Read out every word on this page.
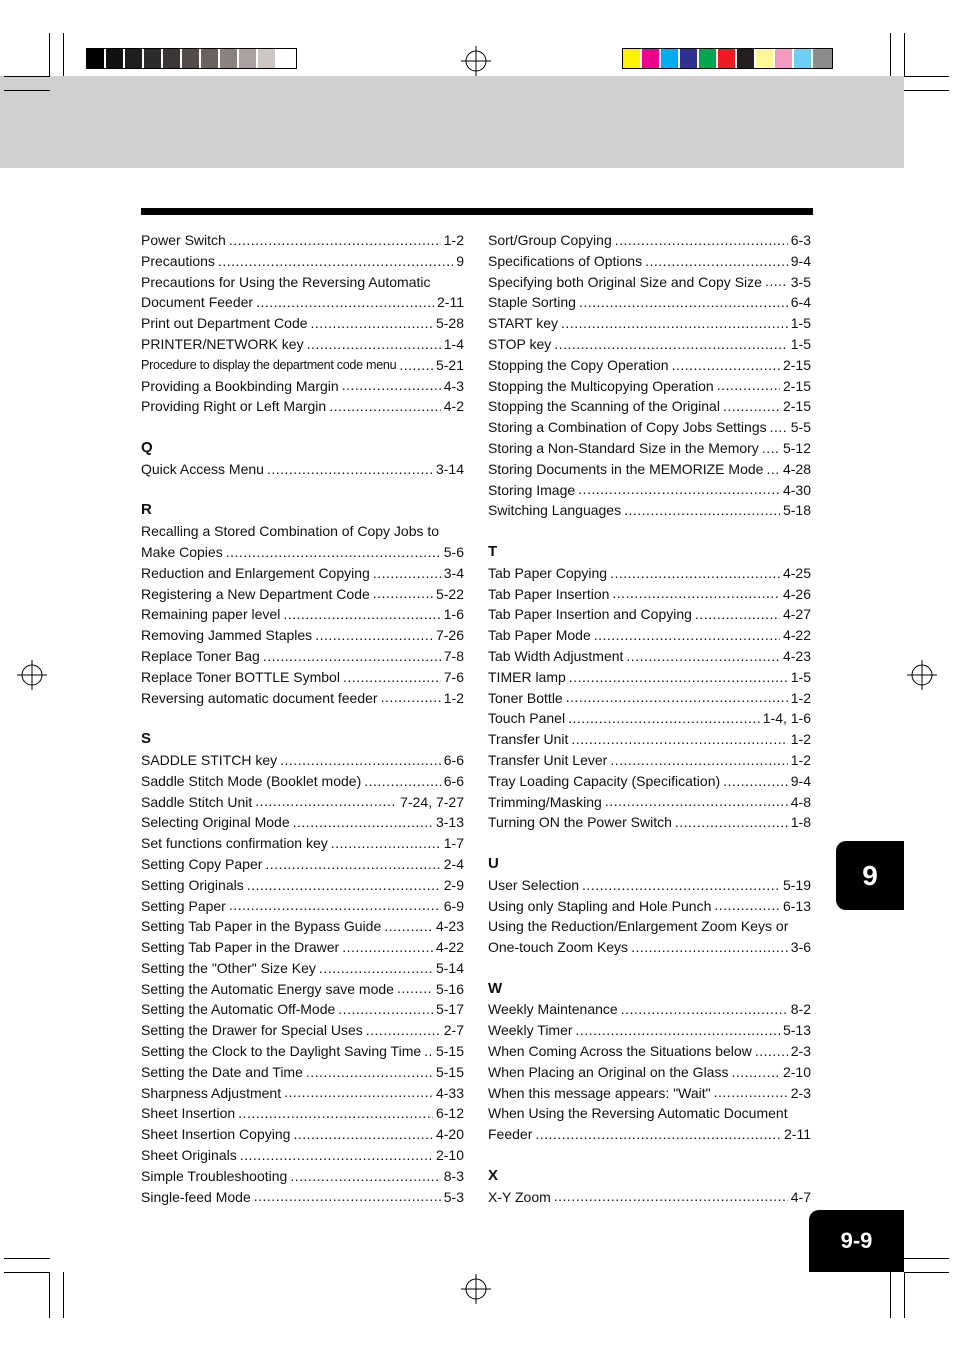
Power Switch .....	1-2
Precautions .....	9
Precautions for Using the Reversing Automatic
Document Feeder .....	2-11
Print out Department Code .....	5-28
PRINTER/NETWORK key .....	1-4
Procedure to display the department code menu .....	5-21
Providing a Bookbinding Margin .....	4-3
Providing Right or Left Margin .....	4-2
Q
Quick Access Menu .....	3-14
R
Recalling a Stored Combination of Copy Jobs to
Make Copies .....	5-6
Reduction and Enlargement Copying .....	3-4
Registering a New Department Code .....	5-22
Remaining paper level .....	1-6
Removing Jammed Staples .....	7-26
Replace Toner Bag .....	7-8
Replace Toner BOTTLE Symbol .....	7-6
Reversing automatic document feeder .....	1-2
S
SADDLE STITCH key .....	6-6
Saddle Stitch Mode (Booklet mode) .....	6-6
Saddle Stitch Unit .....	7-24, 7-27
Selecting Original Mode .....	3-13
Set functions confirmation key .....	1-7
Setting Copy Paper .....	2-4
Setting Originals .....	2-9
Setting Paper .....	6-9
Setting Tab Paper in the Bypass Guide .....	4-23
Setting Tab Paper in the Drawer .....	4-22
Setting the "Other" Size Key .....	5-14
Setting the Automatic Energy save mode .....	5-16
Setting the Automatic Off-Mode .....	5-17
Setting the Drawer for Special Uses .....	2-7
Setting the Clock to the Daylight Saving Time ..... 5-15
Setting the Date and Time .....	5-15
Sharpness Adjustment .....	4-33
Sheet Insertion .....	6-12
Sheet Insertion Copying .....	4-20
Sheet Originals .....	2-10
Simple Troubleshooting .....	8-3
Single-feed Mode .....	5-3
Sort/Group Copying .....	6-3
Specifications of Options .....	9-4
Specifying both Original Size and Copy Size ..... 3-5
Staple Sorting .....	6-4
START key .....	1-5
STOP key .....	1-5
Stopping the Copy Operation .....	2-15
Stopping the Multicopying Operation .....	2-15
Stopping the Scanning of the Original .....	2-15
Storing a Combination of Copy Jobs Settings ..... 5-5
Storing a Non-Standard Size in the Memory ..... 5-12
Storing Documents in the MEMORIZE Mode ..... 4-28
Storing Image .....	4-30
Switching Languages .....	5-18
T
Tab Paper Copying .....	4-25
Tab Paper Insertion .....	4-26
Tab Paper Insertion and Copying .....	4-27
Tab Paper Mode .....	4-22
Tab Width Adjustment .....	4-23
TIMER lamp .....	1-5
Toner Bottle .....	1-2
Touch Panel .....	1-4, 1-6
Transfer Unit .....	1-2
Transfer Unit Lever .....	1-2
Tray Loading Capacity (Specification) .....	9-4
Trimming/Masking .....	4-8
Turning ON the Power Switch .....	1-8
U
User Selection .....	5-19
Using only Stapling and Hole Punch .....	6-13
Using the Reduction/Enlargement Zoom Keys or
One-touch Zoom Keys .....	3-6
W
Weekly Maintenance .....	8-2
Weekly Timer .....	5-13
When Coming Across the Situations below .....	2-3
When Placing an Original on the Glass .....	2-10
When this message appears: "Wait" .....	2-3
When Using the Reversing Automatic Document
Feeder .....	2-11
X
X-Y Zoom .....	4-7
9
9-9
